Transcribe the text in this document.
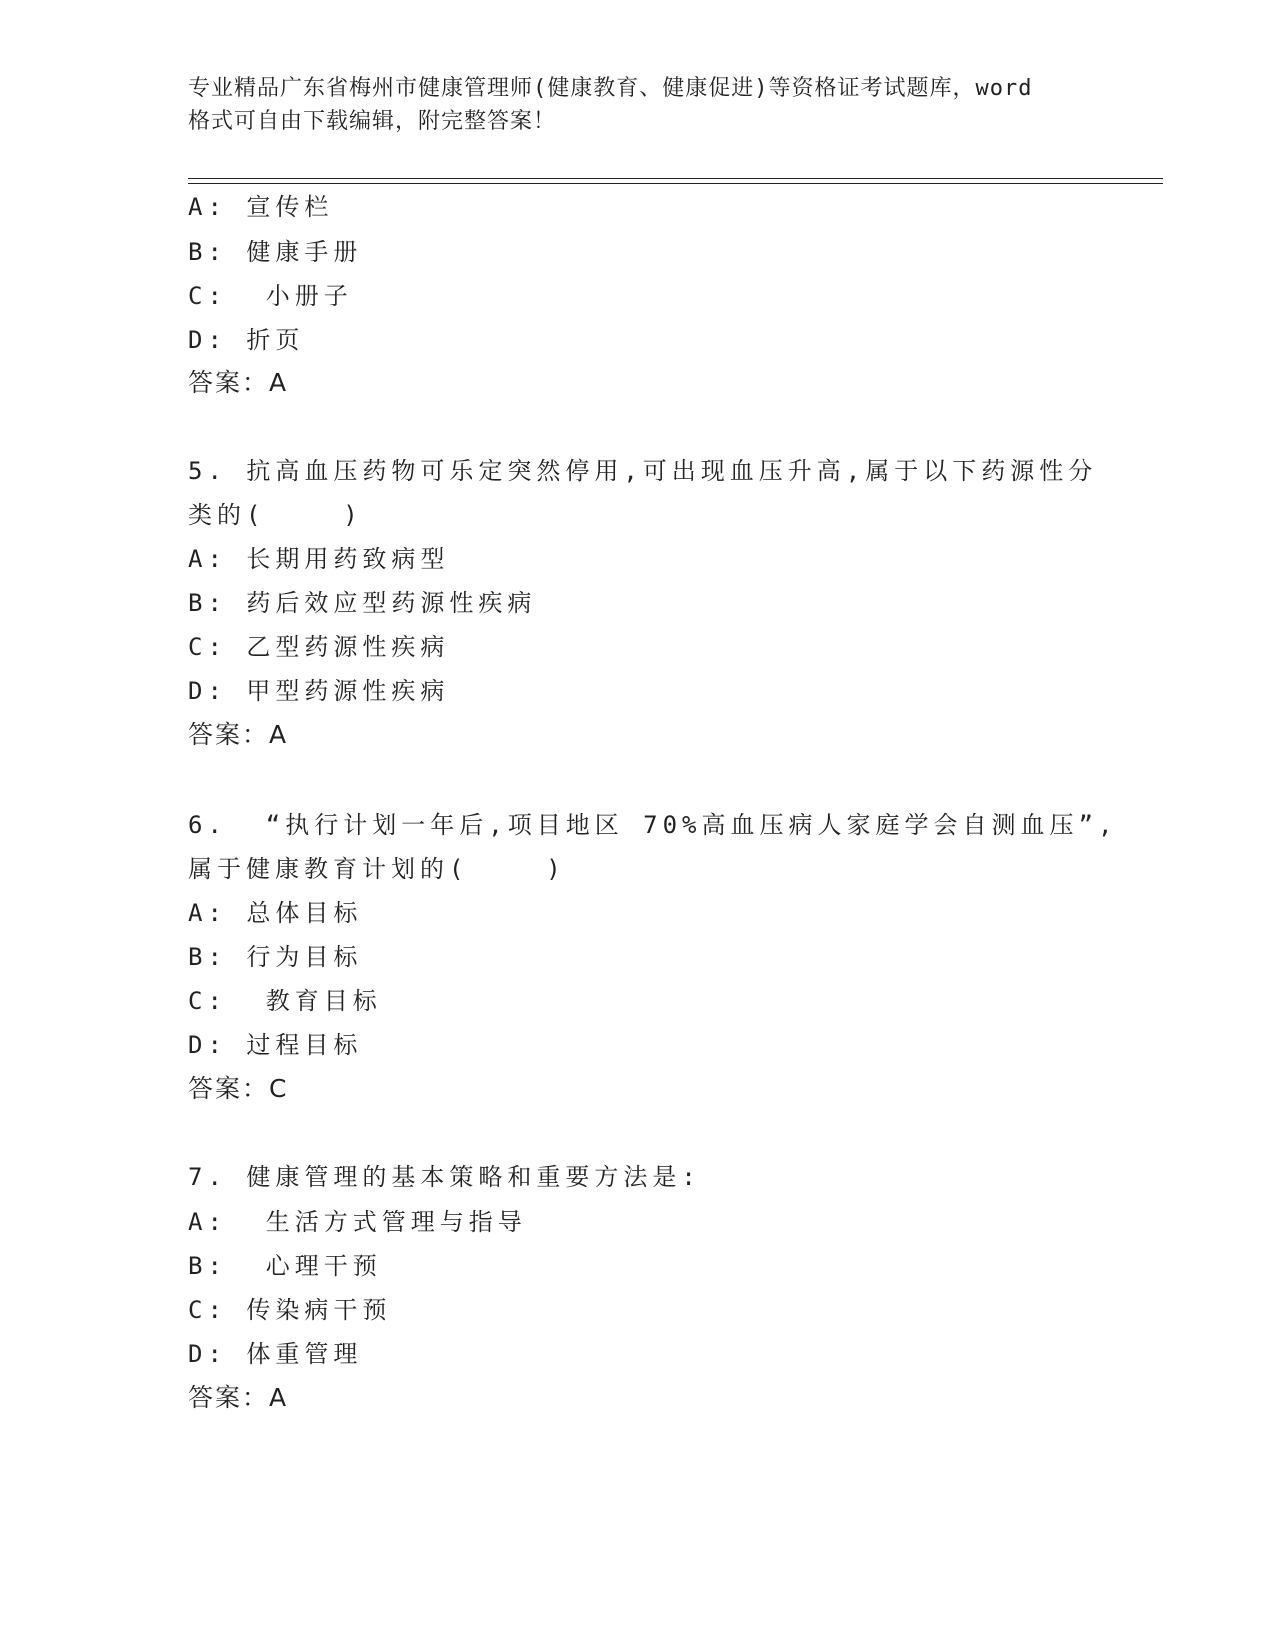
专业精品广东省梅州市健康管理师(健康教育、健康促进)等资格证考试题库，word
格式可自由下载编辑，附完整答案！
A: 宣传栏
B: 健康手册
C:  小册子
D: 折页
答案：A
5. 抗高血压药物可乐定突然停用,可出现血压升高,属于以下药源性分
类的(    )
A: 长期用药致病型
B: 药后效应型药源性疾病
C: 乙型药源性疾病
D: 甲型药源性疾病
答案：A
6.  “执行计划一年后,项目地区 70%高血压病人家庭学会自测血压”,
属于健康教育计划的(    )
A: 总体目标
B: 行为目标
C:  教育目标
D: 过程目标
答案：C
7. 健康管理的基本策略和重要方法是:
A:  生活方式管理与指导
B:  心理干预
C: 传染病干预
D: 体重管理
答案：A
